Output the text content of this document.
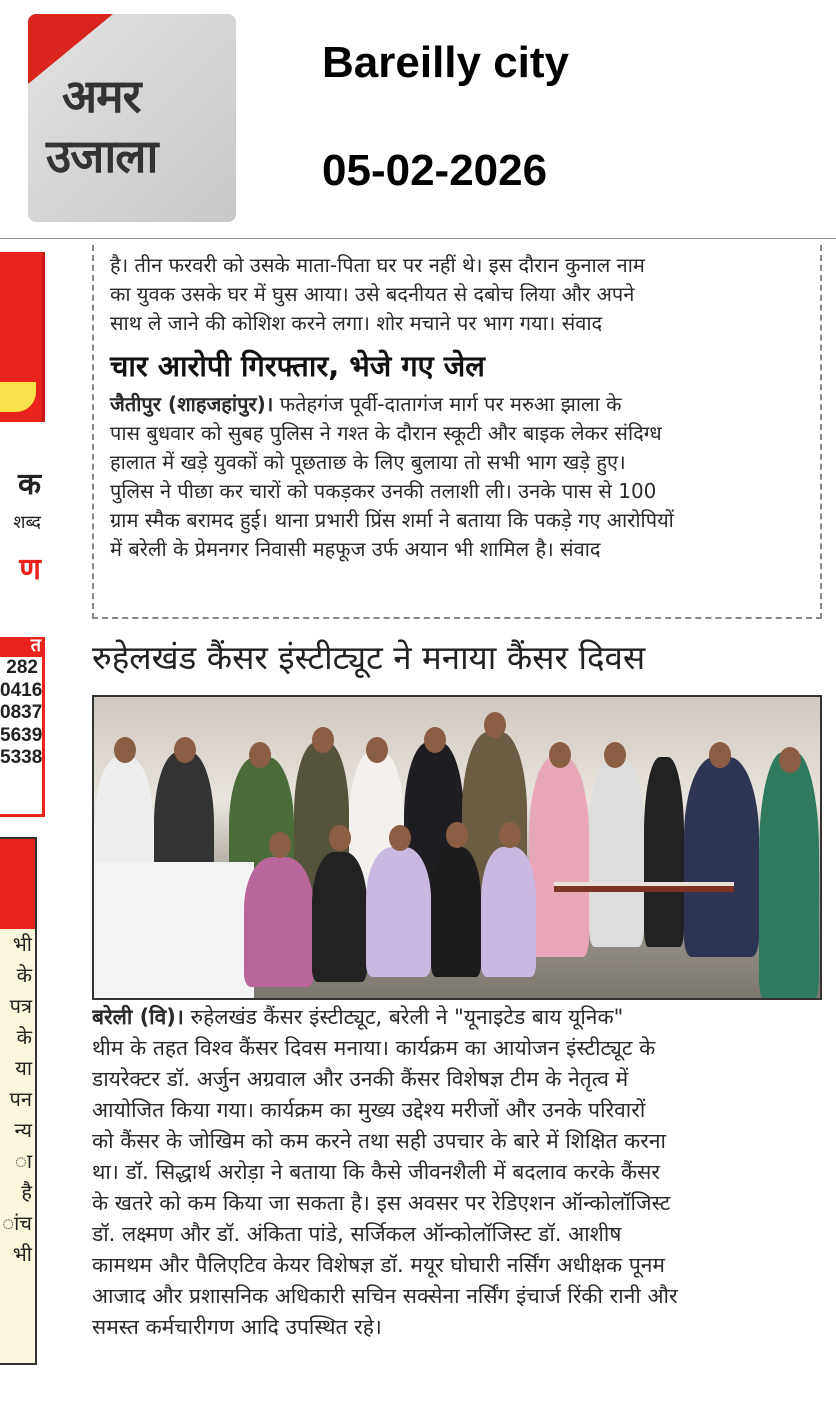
अमर
उजाला
Bareilly city
05-02-2026
क
शब्द
ण
त
282
0416
0837
5639
5338
भी
के
पत्र
के
या
पन
न्य
ा है
ांच
भी
है। तीन फरवरी को उसके माता-पिता घर पर नहीं थे। इस दौरान कुनाल नाम
का युवक उसके घर में घुस आया। उसे बदनीयत से दबोच लिया और अपने
साथ ले जाने की कोशिश करने लगा। शोर मचाने पर भाग गया। संवाद
चार आरोपी गिरफ्तार, भेजे गए जेल
जैतीपुर (शाहजहांपुर)। फतेहगंज पूर्वी-दातागंज मार्ग पर मरुआ झाला के
पास बुधवार को सुबह पुलिस ने गश्त के दौरान स्कूटी और बाइक लेकर संदिग्ध
हालात में खड़े युवकों को पूछताछ के लिए बुलाया तो सभी भाग खड़े हुए।
पुलिस ने पीछा कर चारों को पकड़कर उनकी तलाशी ली। उनके पास से 100
ग्राम स्मैक बरामद हुई। थाना प्रभारी प्रिंस शर्मा ने बताया कि पकड़े गए आरोपियों
में बरेली के प्रेमनगर निवासी महफूज उर्फ अयान भी शामिल है। संवाद
रुहेलखंड कैंसर इंस्टीट्यूट ने मनाया कैंसर दिवस
बरेली (वि)। रुहेलखंड कैंसर इंस्टीट्यूट, बरेली ने "यूनाइटेड बाय यूनिक"
थीम के तहत विश्व कैंसर दिवस मनाया। कार्यक्रम का आयोजन इंस्टीट्यूट के
डायरेक्टर डॉ. अर्जुन अग्रवाल और उनकी कैंसर विशेषज्ञ टीम के नेतृत्व में
आयोजित किया गया। कार्यक्रम का मुख्य उद्देश्य मरीजों और उनके परिवारों
को कैंसर के जोखिम को कम करने तथा सही उपचार के बारे में शिक्षित करना
था। डॉ. सिद्धार्थ अरोड़ा ने बताया कि कैसे जीवनशैली में बदलाव करके कैंसर
के खतरे को कम किया जा सकता है। इस अवसर पर रेडिएशन ऑन्कोलॉजिस्ट
डॉ. लक्ष्मण और डॉ. अंकिता पांडे, सर्जिकल ऑन्कोलॉजिस्ट डॉ. आशीष
कामथम और पैलिएटिव केयर विशेषज्ञ डॉ. मयूर घोघारी नर्सिंग अधीक्षक पूनम
आजाद और प्रशासनिक अधिकारी सचिन सक्सेना नर्सिंग इंचार्ज रिंकी रानी और
समस्त कर्मचारीगण आदि उपस्थित रहे।
